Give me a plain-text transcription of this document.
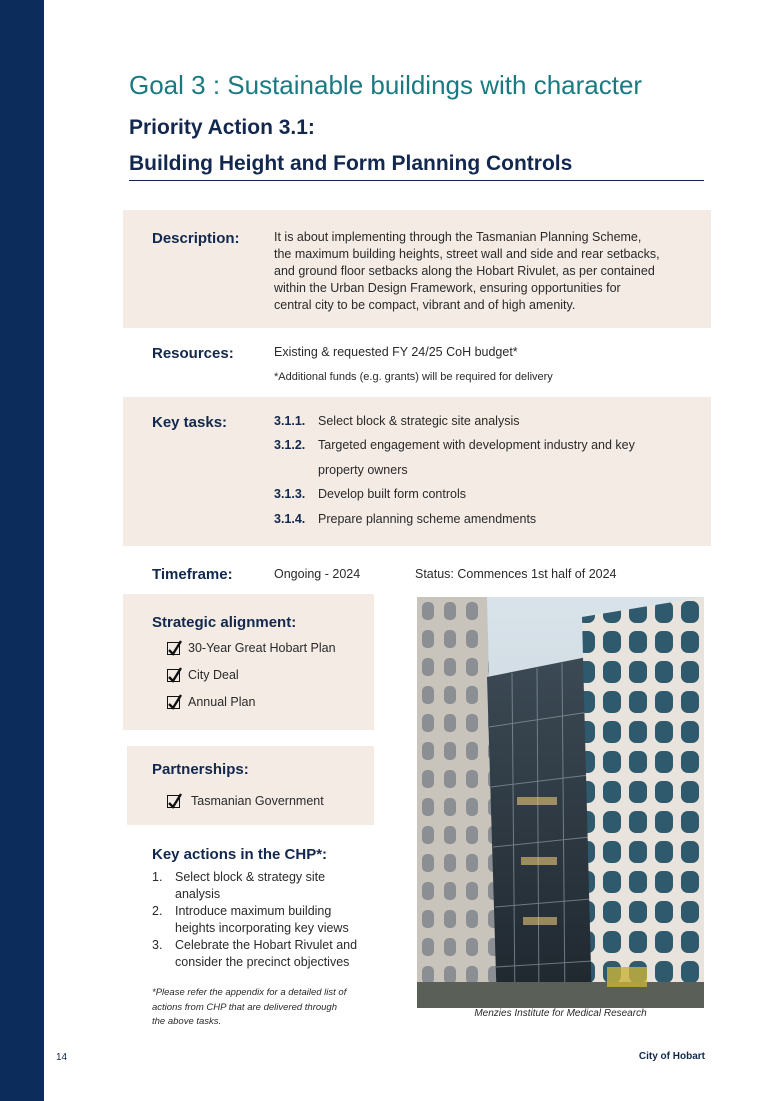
Goal 3 : Sustainable buildings with character
Priority Action 3.1:
Building Height and Form Planning Controls
Description:	It is about implementing through the Tasmanian Planning Scheme,
the maximum building heights, street wall and side and rear setbacks,
and ground floor setbacks along the Hobart Rivulet, as per contained
within the Urban Design Framework, ensuring opportunities for
central city to be compact, vibrant and of high amenity.
Resources:	Existing & requested FY 24/25 CoH budget*
*Additional funds (e.g. grants) will be required for delivery
Key tasks:	3.1.1. Select block & strategic site analysis
3.1.2. Targeted engagement with development industry and key
property owners
3.1.3. Develop built form controls
3.1.4. Prepare planning scheme amendments
Timeframe:	Ongoing - 2024	Status: Commences 1st half of 2024
Strategic alignment:
30-Year Great Hobart Plan
City Deal
Annual Plan
Partnerships:
Tasmanian Government
Key actions in the CHP*:
1.	Select block & strategy site
analysis
2.	Introduce maximum building
heights incorporating key views
3.	Celebrate the Hobart Rivulet and
consider the precinct objectives
*Please refer the appendix for a detailed list of
actions from CHP that are delivered through
the above tasks.
Menzies Institute for Medical Research
14	City of Hobart
